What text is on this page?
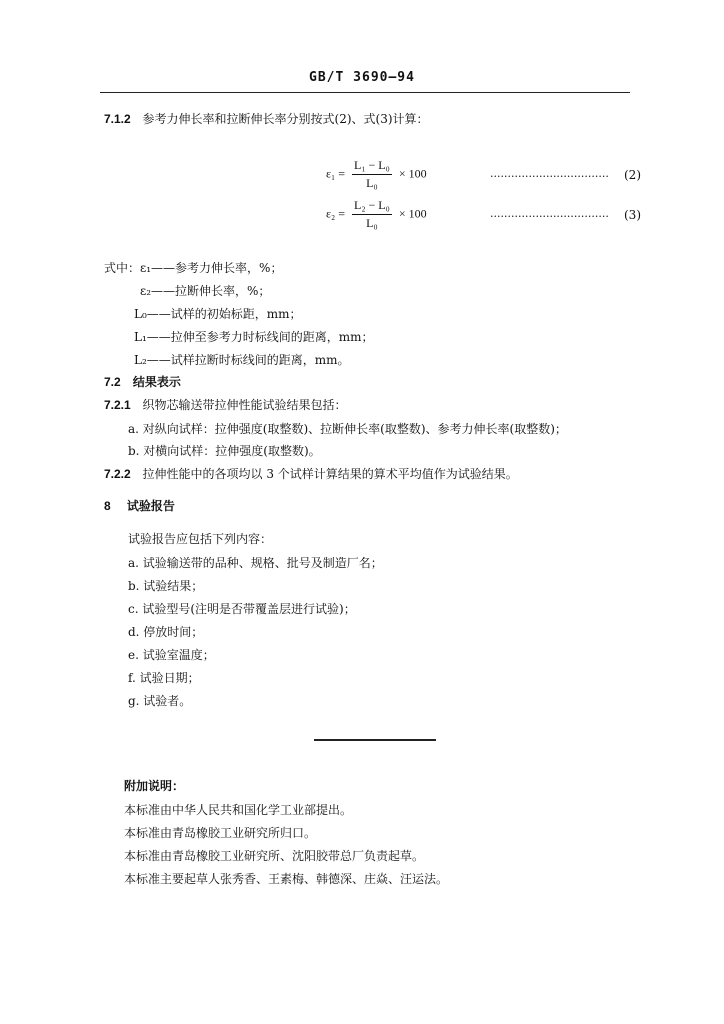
GB/T 3690—94
7.1.2 参考力伸长率和拉断伸长率分别按式(2)、式(3)计算：
$\varepsilon_1 = \frac{\text{L₁ − L₀}}{\text{L₀}} \times 100$	·································· (2)
$\varepsilon_2 = \frac{\text{L₂ − L₀}}{\text{L₀}} \times 100$	·································· (3)
式中：ε₁——参考力伸长率，%；
ε₂——拉断伸长率，%；
L₀——试样的初始标距，mm；
L₁——拉伸至参考力时标线间的距离，mm；
L₂——试样拉断时标线间的距离，mm。
7.2 结果表示
7.2.1 织物芯输送带拉伸性能试验结果包括：
a. 对纵向试样：拉伸强度(取整数)、拉断伸长率(取整数)、参考力伸长率(取整数)；
b. 对横向试样：拉伸强度(取整数)。
7.2.2 拉伸性能中的各项均以 3 个试样计算结果的算术平均值作为试验结果。
8 试验报告
试验报告应包括下列内容：
a. 试验输送带的品种、规格、批号及制造厂名；
b. 试验结果；
c. 试验型号(注明是否带覆盖层进行试验)；
d. 停放时间；
e. 试验室温度；
f. 试验日期；
g. 试验者。
附加说明：
本标准由中华人民共和国化学工业部提出。
本标准由青岛橡胶工业研究所归口。
本标准由青岛橡胶工业研究所、沈阳胶带总厂负责起草。
本标准主要起草人张秀香、王素梅、韩德深、庄焱、汪运法。
